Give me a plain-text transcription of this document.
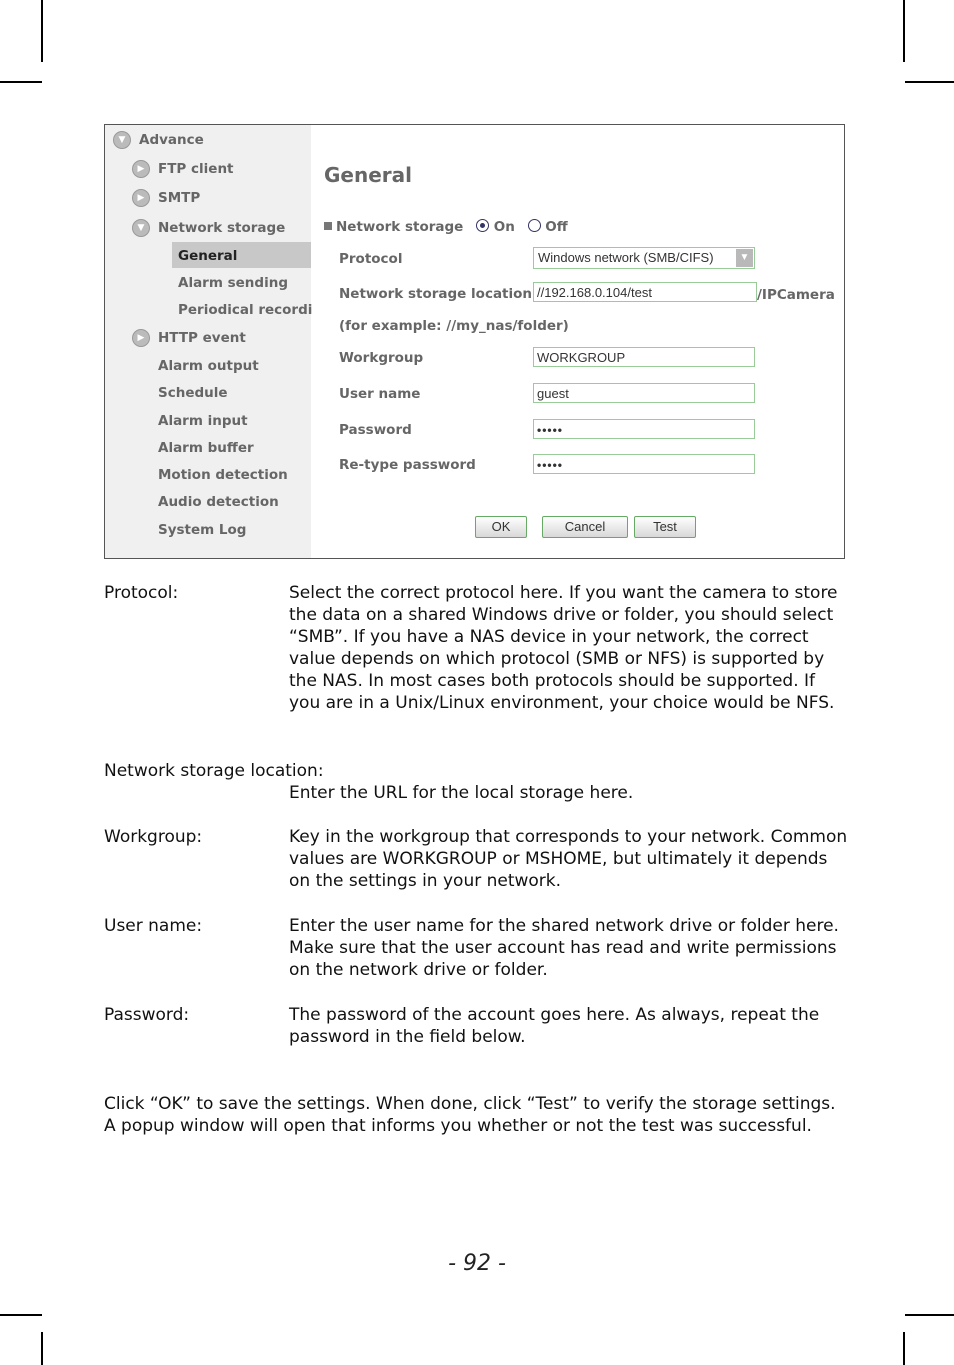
▼	Advance
▶	FTP client
▶	SMTP
▼	Network storage
General
Alarm sending
Periodical recordi
▶	HTTP event
Alarm output
Schedule
Alarm input
Alarm buffer
Motion detection
Audio detection
System Log
General
Network storage On Off
Protocol	Windows network (SMB/CIFS)	▼
Network storage location //192.168.0.104/test	/IPCamera
(for example: //my_nas/folder)
Workgroup	WORKGROUP
User name	guest
Password	•••••
Re-type password	•••••
OK	Cancel	Test
Protocol:	Select the correct protocol here. If you want the camera to store the data on a shared Windows drive or folder, you should select “SMB”. If you have a NAS device in your network, the correct value depends on which protocol (SMB or NFS) is supported by the NAS. In most cases both protocols should be supported. If you are in a Unix/Linux environment, your choice would be NFS.
Network storage location:
Enter the URL for the local storage here.
Workgroup:	Key in the workgroup that corresponds to your network. Common values are WORKGROUP or MSHOME, but ultimately it depends on the settings in your network.
User name:	Enter the user name for the shared network drive or folder here. Make sure that the user account has read and write permissions on the network drive or folder.
Password:	The password of the account goes here. As always, repeat the password in the field below.
Click “OK” to save the settings. When done, click “Test” to verify the storage settings. A popup window will open that informs you whether or not the test was successful.
- 92 -
